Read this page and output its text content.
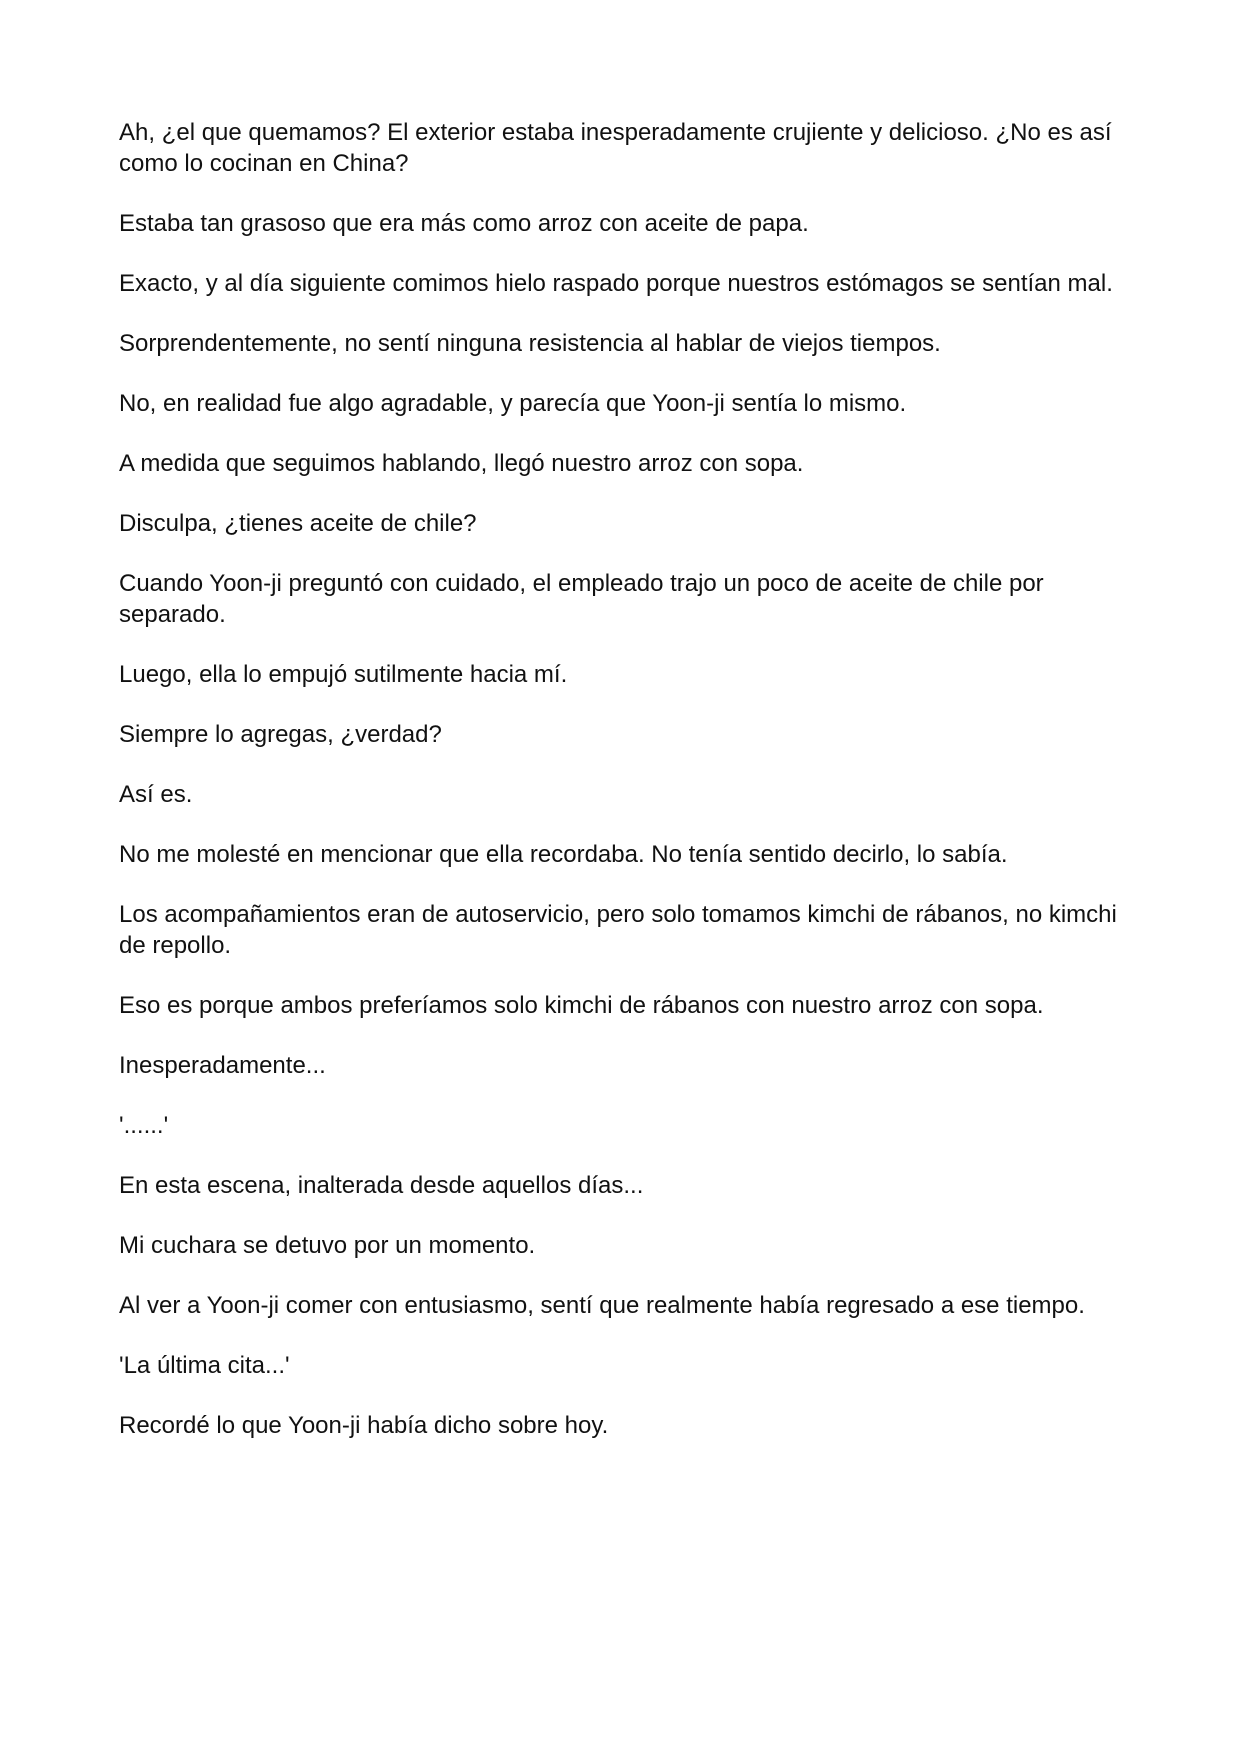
Ah, ¿el que quemamos? El exterior estaba inesperadamente crujiente y delicioso. ¿No es así como lo cocinan en China?

Estaba tan grasoso que era más como arroz con aceite de papa.

Exacto, y al día siguiente comimos hielo raspado porque nuestros estómagos se sentían mal.

Sorprendentemente, no sentí ninguna resistencia al hablar de viejos tiempos.

No, en realidad fue algo agradable, y parecía que Yoon-ji sentía lo mismo.

A medida que seguimos hablando, llegó nuestro arroz con sopa.

Disculpa, ¿tienes aceite de chile?

Cuando Yoon-ji preguntó con cuidado, el empleado trajo un poco de aceite de chile por separado.

Luego, ella lo empujó sutilmente hacia mí.

Siempre lo agregas, ¿verdad?

Así es.

No me molesté en mencionar que ella recordaba. No tenía sentido decirlo, lo sabía.

Los acompañamientos eran de autoservicio, pero solo tomamos kimchi de rábanos, no kimchi de repollo.

Eso es porque ambos preferíamos solo kimchi de rábanos con nuestro arroz con sopa.

Inesperadamente...

'......'

En esta escena, inalterada desde aquellos días...

Mi cuchara se detuvo por un momento.

Al ver a Yoon-ji comer con entusiasmo, sentí que realmente había regresado a ese tiempo.

'La última cita...'

Recordé lo que Yoon-ji había dicho sobre hoy.
